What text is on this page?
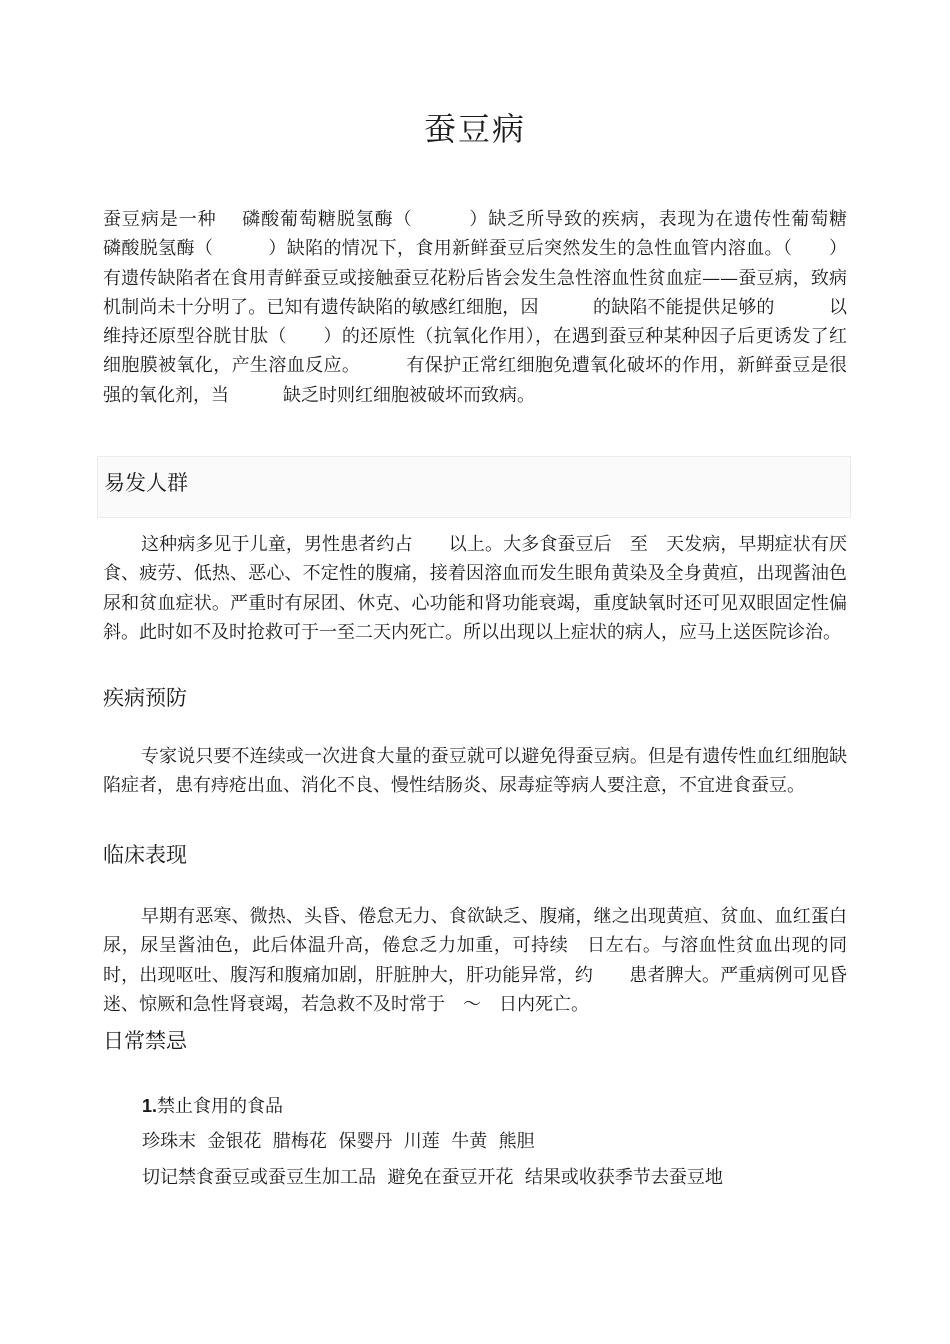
蚕豆病

蚕豆病是一种　 磷酸葡萄糖脱氢酶（　　　）缺乏所导致的疾病，表现为在遗传性葡萄糖　 磷酸脱氢酶（　　　）缺陷的情况下，食用新鲜蚕豆后突然发生的急性血管内溶血。（　　）有遗传缺陷者在食用青鲜蚕豆或接触蚕豆花粉后皆会发生急性溶血性贫血症——蚕豆病，致病机制尚未十分明了。已知有遗传缺陷的敏感红细胞，因　　　的缺陷不能提供足够的　　　以维持还原型谷胱甘肽（　　）的还原性（抗氧化作用），在遇到蚕豆种某种因子后更诱发了红细胞膜被氧化，产生溶血反应。　　　有保护正常红细胞免遭氧化破坏的作用，新鲜蚕豆是很强的氧化剂，当　　　缺乏时则红细胞被破坏而致病。

易发人群

这种病多见于儿童，男性患者约占　　以上。大多食蚕豆后　至　天发病，早期症状有厌食、疲劳、低热、恶心、不定性的腹痛，接着因溶血而发生眼角黄染及全身黄疸，出现酱油色尿和贫血症状。严重时有尿团、休克、心功能和肾功能衰竭，重度缺氧时还可见双眼固定性偏斜。此时如不及时抢救可于一至二天内死亡。所以出现以上症状的病人，应马上送医院诊治。

疾病预防

专家说只要不连续或一次进食大量的蚕豆就可以避免得蚕豆病。但是有遗传性血红细胞缺陷症者，患有痔疮出血、消化不良、慢性结肠炎、尿毒症等病人要注意，不宜进食蚕豆。

临床表现

早期有恶寒、微热、头昏、倦怠无力、食欲缺乏、腹痛，继之出现黄疸、贫血、血红蛋白尿，尿呈酱油色，此后体温升高，倦怠乏力加重，可持续　日左右。与溶血性贫血出现的同时，出现呕吐、腹泻和腹痛加剧，肝脏肿大，肝功能异常，约　　患者脾大。严重病例可见昏迷、惊厥和急性肾衰竭，若急救不及时常于　～　日内死亡。

日常禁忌
1.禁止食用的食品
珍珠末  金银花  腊梅花  保婴丹  川莲  牛黄  熊胆
切记禁食蚕豆或蚕豆生加工品  避免在蚕豆开花  结果或收获季节去蚕豆地
